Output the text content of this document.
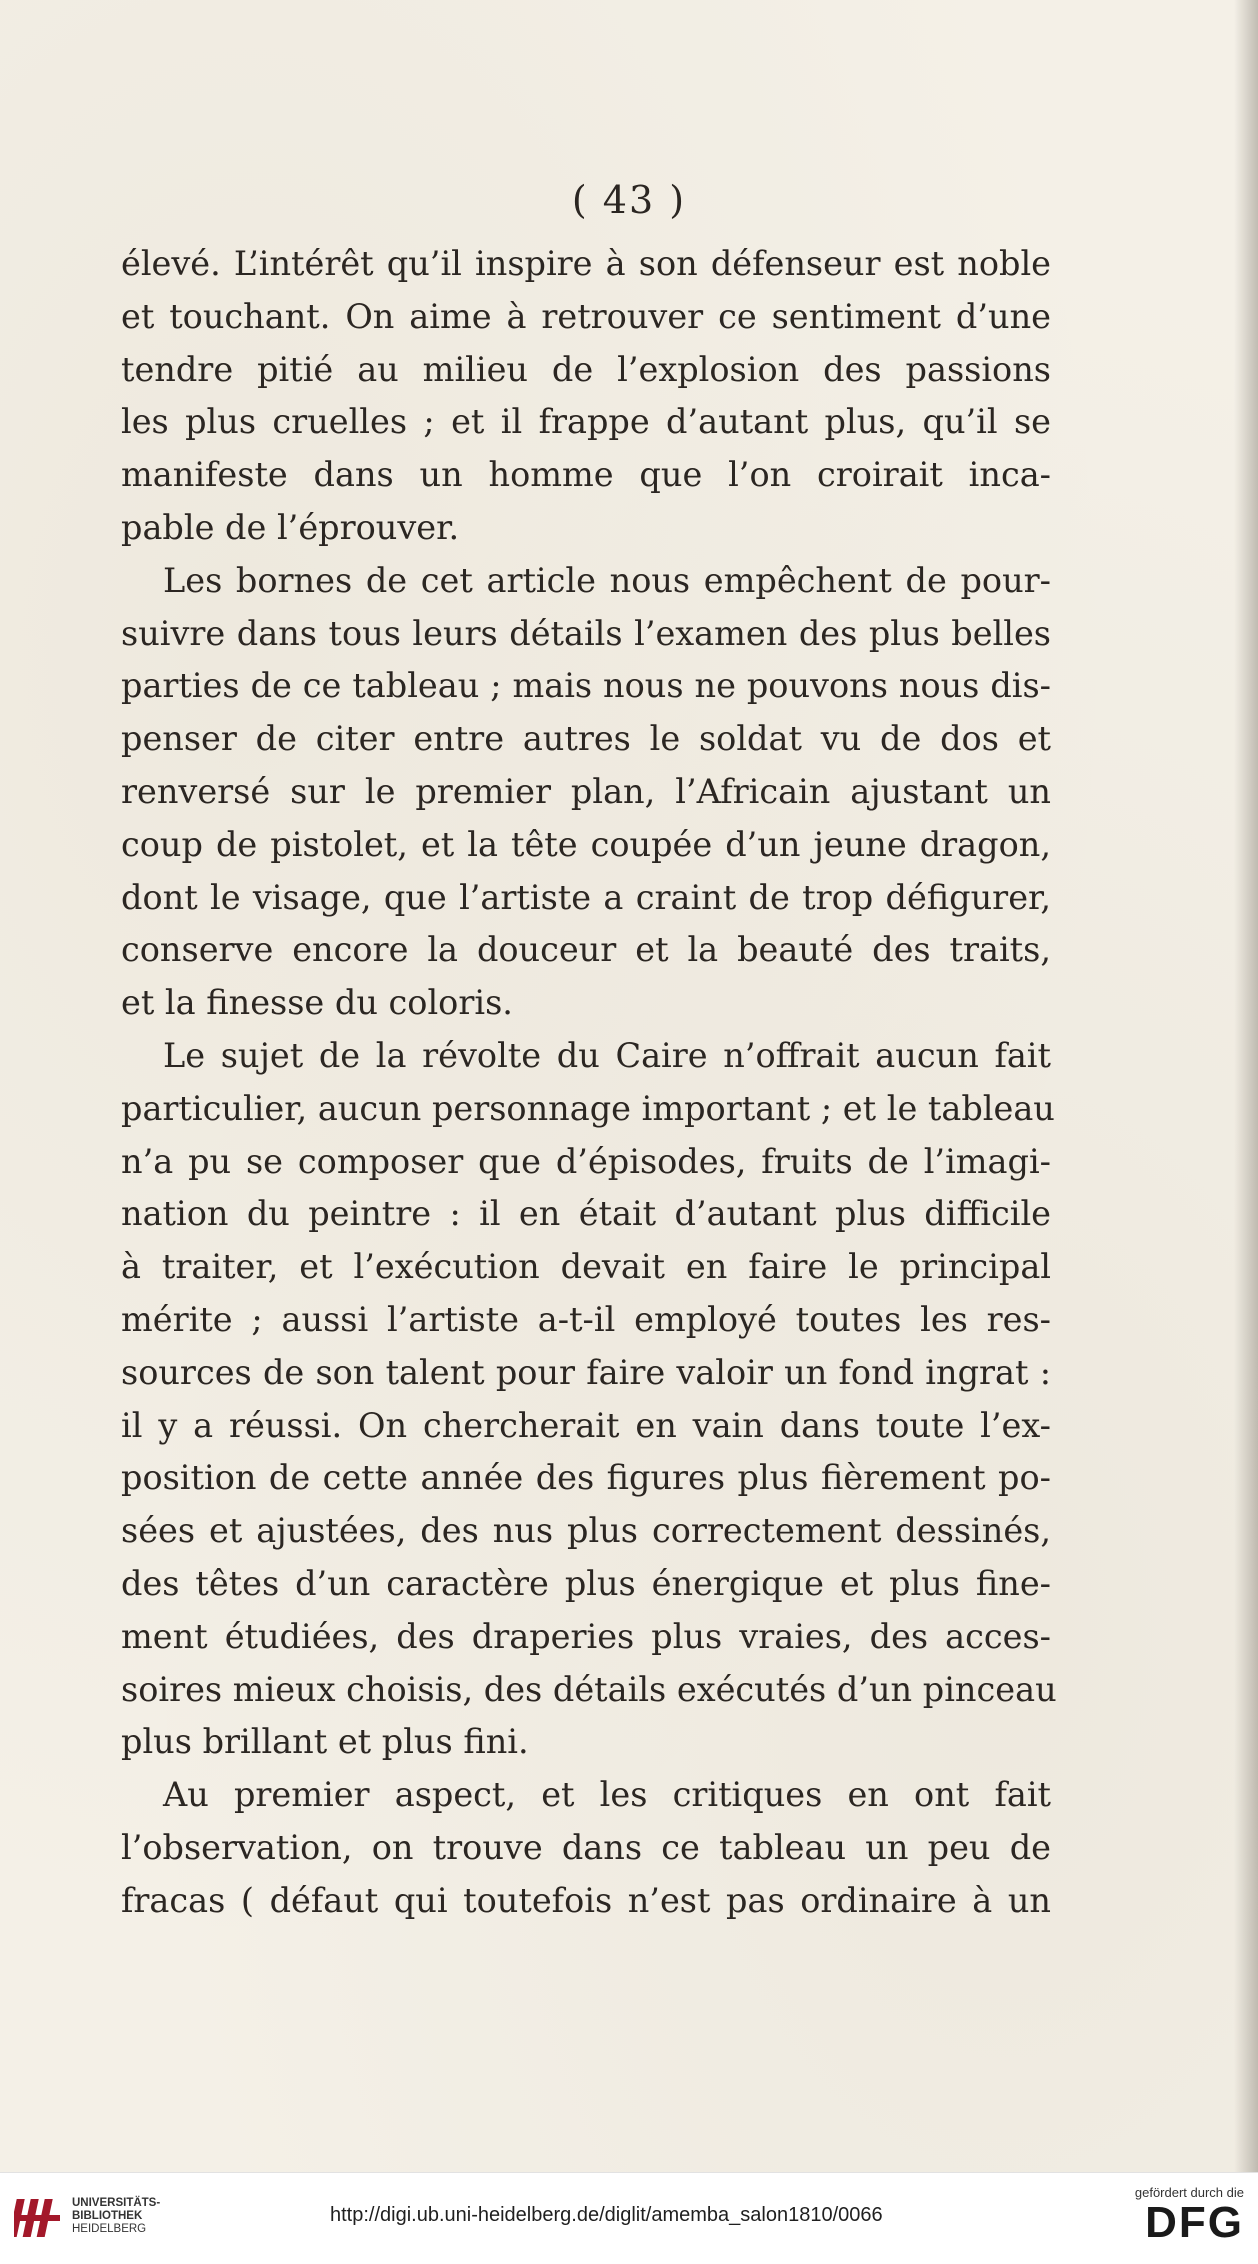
( 43 )
élevé. L’intérêt qu’il inspire à son défenseur est noble
et touchant. On aime à retrouver ce sentiment d’une
tendre pitié au milieu de l’explosion des passions
les plus cruelles ; et il frappe d’autant plus, qu’il se
manifeste dans un homme que l’on croirait inca-
pable de l’éprouver.
Les bornes de cet article nous empêchent de pour-
suivre dans tous leurs détails l’examen des plus belles
parties de ce tableau ; mais nous ne pouvons nous dis-
penser de citer entre autres le soldat vu de dos et
renversé sur le premier plan, l’Africain ajustant un
coup de pistolet, et la tête coupée d’un jeune dragon,
dont le visage, que l’artiste a craint de trop défigurer,
conserve encore la douceur et la beauté des traits,
et la finesse du coloris.
Le sujet de la révolte du Caire n’offrait aucun fait
particulier, aucun personnage important ; et le tableau
n’a pu se composer que d’épisodes, fruits de l’imagi-
nation du peintre : il en était d’autant plus difficile
à traiter, et l’exécution devait en faire le principal
mérite ; aussi l’artiste a-t-il employé toutes les res-
sources de son talent pour faire valoir un fond ingrat :
il y a réussi. On chercherait en vain dans toute l’ex-
position de cette année des figures plus fièrement po-
sées et ajustées, des nus plus correctement dessinés,
des têtes d’un caractère plus énergique et plus fine-
ment étudiées, des draperies plus vraies, des acces-
soires mieux choisis, des détails exécutés d’un pinceau
plus brillant et plus fini.
Au premier aspect, et les critiques en ont fait
l’observation, on trouve dans ce tableau un peu de
fracas ( défaut qui toutefois n’est pas ordinaire à un
UNIVERSITÄTS-
BIBLIOTHEK
HEIDELBERG
http://digi.ub.uni-heidelberg.de/diglit/amemba_salon1810/0066
gefördert durch die
DFG
